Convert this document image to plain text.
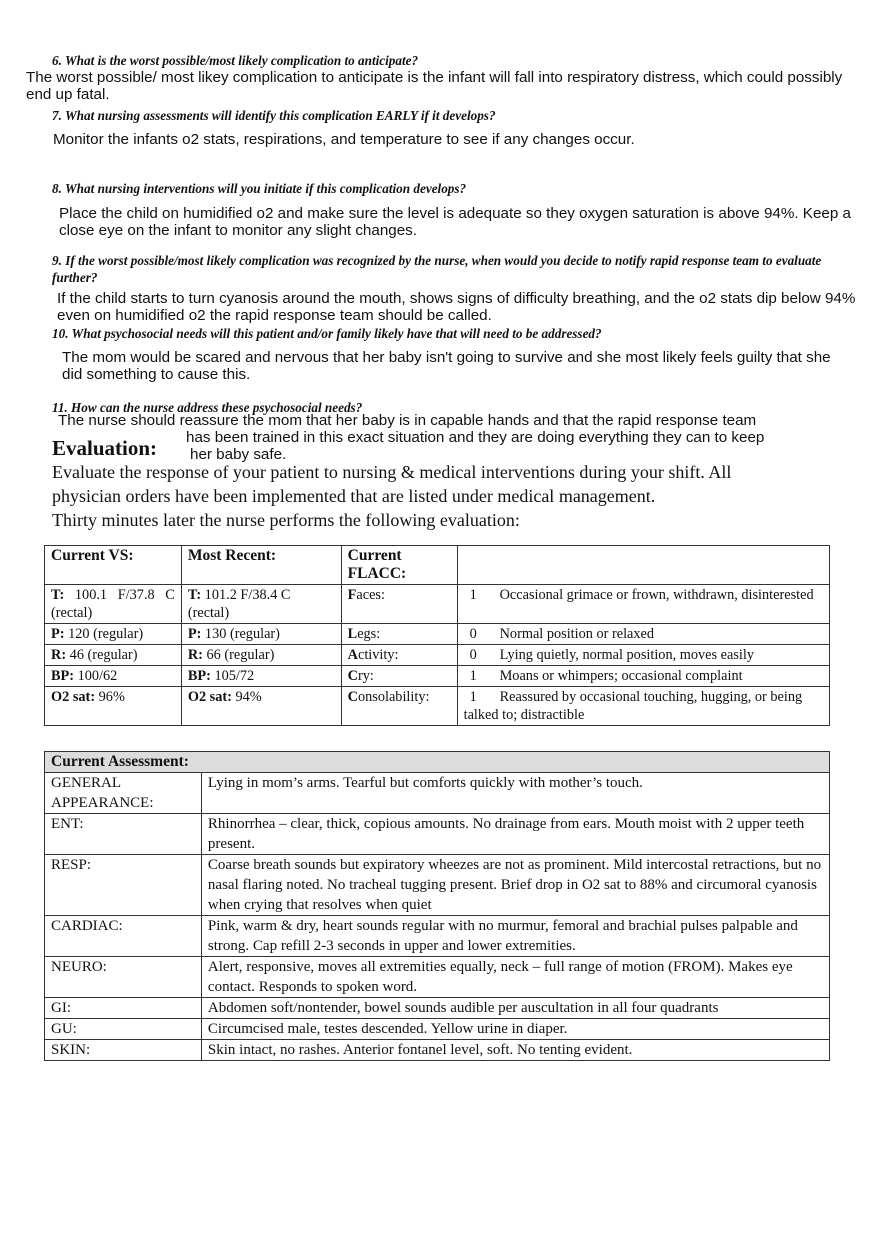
6. What is the worst possible/most likely complication to anticipate?
The worst possible/ most likey complication to anticipate is the infant will fall into respiratory distress, which could possibly end up fatal.
7. What nursing assessments will identify this complication EARLY if it develops?
Monitor the infants o2 stats, respirations, and temperature to see if any changes occur.
8. What nursing interventions will you initiate if this complication develops?
Place the child on humidified o2 and make sure the level is adequate so they oxygen saturation is above 94%. Keep a close eye on the infant to monitor any slight changes.
9. If the worst possible/most likely complication was recognized by the nurse, when would you decide to notify rapid response team to evaluate further?
If the child starts to turn cyanosis around the mouth, shows signs of difficulty breathing, and the o2 stats dip below 94% even on humidified o2 the rapid response team should be called.
10. What psychosocial needs will this patient and/or family likely have that will need to be addressed?
The mom would be scared and nervous that her baby isn't going to survive and she most likely feels guilty that she did something to cause this.
11. How can the nurse address these psychosocial needs?
The nurse should reassure the mom that her baby is in capable hands and that the rapid response team
has been trained in this exact situation and they are doing everything they can to keep
her baby safe.
Evaluation:
Evaluate the response of your patient to nursing & medical interventions during your shift. All
physician orders have been implemented that are listed under medical management.
Thirty minutes later the nurse performs the following evaluation:
Current VS:	Most Recent:	Current FLACC:	
T: 100.1 F/37.8 C (rectal)	T: 101.2 F/38.4 C (rectal)	Faces:	1 Occasional grimace or frown, withdrawn, disinterested
P: 120 (regular)	P: 130 (regular)	Legs:	0 Normal position or relaxed
R: 46 (regular)	R: 66 (regular)	Activity:	0 Lying quietly, normal position, moves easily
BP: 100/62	BP: 105/72	Cry:	1 Moans or whimpers; occasional complaint
O2 sat: 96%	O2 sat: 94%	Consolability:	1 Reassured by occasional touching, hugging, or being talked to; distractible
Current Assessment:	
GENERAL APPEARANCE:	Lying in mom’s arms. Tearful but comforts quickly with mother’s touch.
ENT:	Rhinorrhea – clear, thick, copious amounts. No drainage from ears. Mouth moist with 2 upper teeth present.
RESP:	Coarse breath sounds but expiratory wheezes are not as prominent. Mild intercostal retractions, but no nasal flaring noted. No tracheal tugging present. Brief drop in O2 sat to 88% and circumoral cyanosis when crying that resolves when quiet
CARDIAC:	Pink, warm & dry, heart sounds regular with no murmur, femoral and brachial pulses palpable and strong. Cap refill 2-3 seconds in upper and lower extremities.
NEURO:	Alert, responsive, moves all extremities equally, neck – full range of motion (FROM). Makes eye contact. Responds to spoken word.
GI:	Abdomen soft/nontender, bowel sounds audible per auscultation in all four quadrants
GU:	Circumcised male, testes descended. Yellow urine in diaper.
SKIN:	Skin intact, no rashes. Anterior fontanel level, soft. No tenting evident.
